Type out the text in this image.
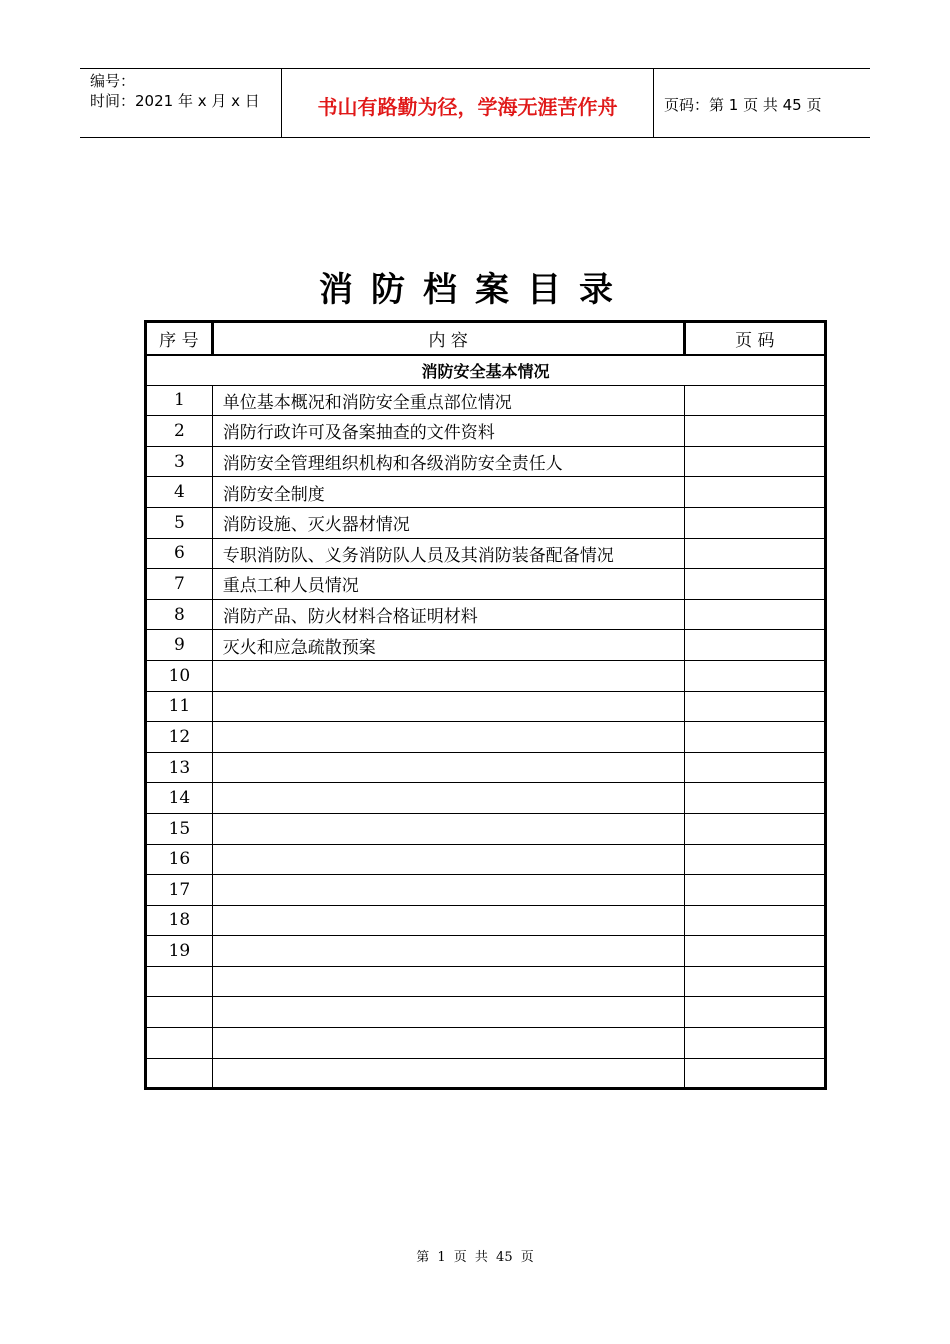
编号：
时间：2021 年 x 月 x 日	书山有路勤为径，学海无涯苦作舟	页码：第 1 页 共 45 页
消防档案目录
序 号	内 容	页 码
消防安全基本情况		
1	单位基本概况和消防安全重点部位情况	
2	消防行政许可及备案抽查的文件资料	
3	消防安全管理组织机构和各级消防安全责任人	
4	消防安全制度	
5	消防设施、灭火器材情况	
6	专职消防队、义务消防队人员及其消防装备配备情况	
7	重点工种人员情况	
8	消防产品、防火材料合格证明材料	
9	灭火和应急疏散预案	
10		
11		
12		
13		
14		
15		
16		
17		
18		
19		

第 1 页 共 45 页
